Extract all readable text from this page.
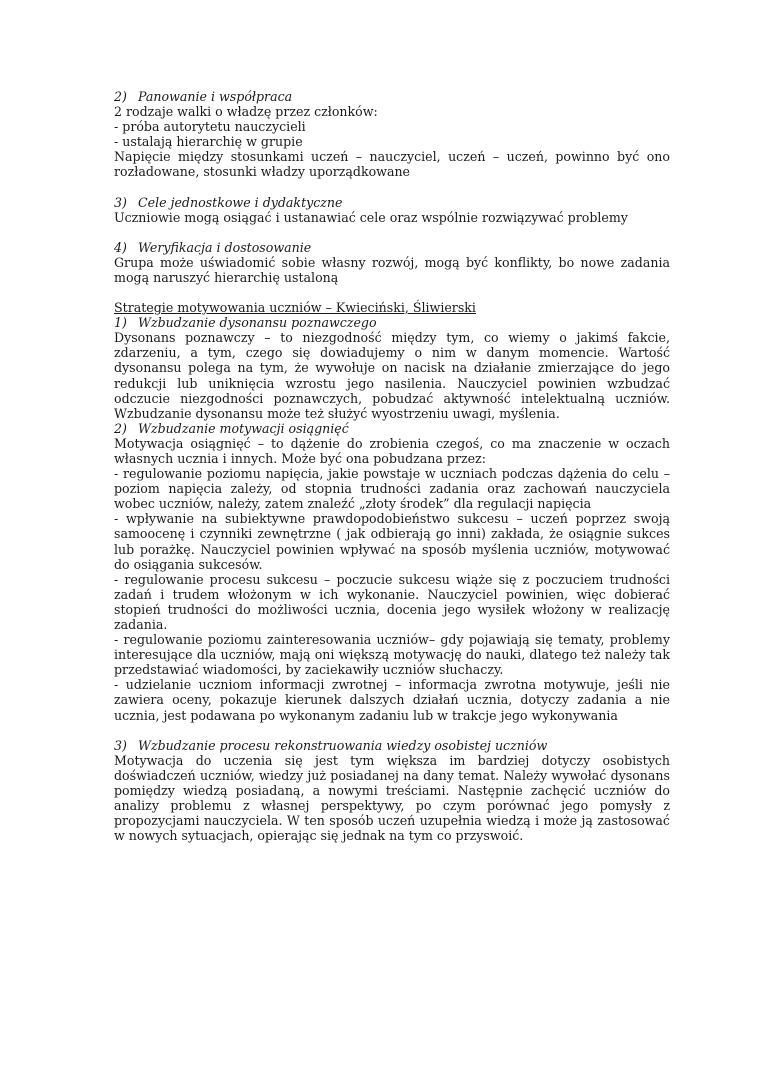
2) Panowanie i współpraca

2 rodzaje walki o władzę przez członków:

- próba autorytetu nauczycieli

- ustalają hierarchię w grupie

Napięcie między stosunkami uczeń – nauczyciel, uczeń – uczeń, powinno być ono rozładowane, stosunki władzy uporządkowane

3) Cele jednostkowe i dydaktyczne

Uczniowie mogą osiągać i ustanawiać cele oraz wspólnie rozwiązywać problemy

4) Weryfikacja i dostosowanie

Grupa może uświadomić sobie własny rozwój, mogą być konflikty, bo nowe zadania mogą naruszyć hierarchię ustaloną

Strategie motywowania uczniów – Kwieciński, Śliwierski

1) Wzbudzanie dysonansu poznawczego

Dysonans poznawczy – to niezgodność między tym, co wiemy o jakimś fakcie, zdarzeniu, a tym, czego się dowiadujemy o nim w danym momencie. Wartość dysonansu polega na tym, że wywołuje on nacisk na działanie zmierzające do jego redukcji lub uniknięcia wzrostu jego nasilenia. Nauczyciel powinien wzbudzać odczucie niezgodności poznawczych, pobudzać aktywność intelektualną uczniów. Wzbudzanie dysonansu może też służyć wyostrzeniu uwagi, myślenia.

2) Wzbudzanie motywacji osiągnięć

Motywacja osiągnięć – to dążenie do zrobienia czegoś, co ma znaczenie w oczach własnych ucznia i innych. Może być ona pobudzana przez:

- regulowanie poziomu napięcia, jakie powstaje w uczniach podczas dążenia do celu – poziom napięcia zależy, od stopnia trudności zadania oraz zachowań nauczyciela wobec uczniów, należy, zatem znaleźć „złoty środek” dla regulacji napięcia

- wpływanie na subiektywne prawdopodobieństwo sukcesu – uczeń poprzez swoją samoocenę i czynniki zewnętrzne ( jak odbierają go inni) zakłada, że osiągnie sukces lub porażkę. Nauczyciel powinien wpływać na sposób myślenia uczniów, motywować do osiągania sukcesów.

- regulowanie procesu sukcesu – poczucie sukcesu wiąże się z poczuciem trudności zadań i trudem włożonym w ich wykonanie. Nauczyciel powinien, więc dobierać stopień trudności do możliwości ucznia, docenia jego wysiłek włożony w realizację zadania.

- regulowanie poziomu zainteresowania uczniów– gdy pojawiają się tematy, problemy interesujące dla uczniów, mają oni większą motywację do nauki, dlatego też należy tak przedstawiać wiadomości, by zaciekawiły uczniów słuchaczy.

- udzielanie uczniom informacji zwrotnej – informacja zwrotna motywuje, jeśli nie zawiera oceny, pokazuje kierunek dalszych działań ucznia, dotyczy zadania a nie ucznia, jest podawana po wykonanym zadaniu lub w trakcje jego wykonywania

3) Wzbudzanie procesu rekonstruowania wiedzy osobistej uczniów

Motywacja do uczenia się jest tym większa im bardziej dotyczy osobistych doświadczeń uczniów, wiedzy już posiadanej na dany temat. Należy wywołać dysonans pomiędzy wiedzą posiadaną, a nowymi treściami. Następnie zachęcić uczniów do analizy problemu z własnej perspektywy, po czym porównać jego pomysły z propozycjami nauczyciela. W ten sposób uczeń uzupełnia wiedzą i może ją zastosować w nowych sytuacjach, opierając się jednak na tym co przyswoić.
